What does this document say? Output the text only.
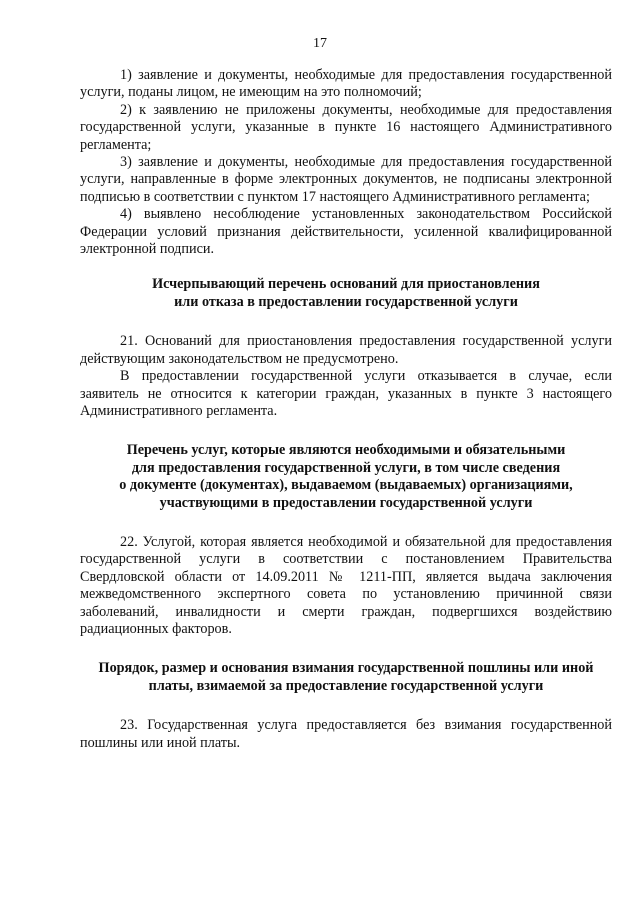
17

1) заявление и документы, необходимые для предоставления государственной услуги, поданы лицом, не имеющим на это полномочий;

2) к заявлению не приложены документы, необходимые для предоставления государственной услуги, указанные в пункте 16 настоящего Административного регламента;

3) заявление и документы, необходимые для предоставления государственной услуги, направленные в форме электронных документов, не подписаны электронной подписью в соответствии с пунктом 17 настоящего Административного регламента;

4) выявлено несоблюдение установленных законодательством Российской Федерации условий признания действительности, усиленной квалифицированной электронной подписи.

Исчерпывающий перечень оснований для приостановления
или отказа в предоставлении государственной услуги

21. Оснований для приостановления предоставления государственной услуги действующим законодательством не предусмотрено.

В предоставлении государственной услуги отказывается в случае, если заявитель не относится к категории граждан, указанных в пункте 3 настоящего Административного регламента.

Перечень услуг, которые являются необходимыми и обязательными
для предоставления государственной услуги, в том числе сведения
о документе (документах), выдаваемом (выдаваемых) организациями,
участвующими в предоставлении государственной услуги

22. Услугой, которая является необходимой и обязательной для предоставления государственной услуги в соответствии с постановлением Правительства Свердловской области от 14.09.2011 № 1211-ПП, является выдача заключения межведомственного экспертного совета по установлению причинной связи заболеваний, инвалидности и смерти граждан, подвергшихся воздействию радиационных факторов.

Порядок, размер и основания взимания государственной пошлины или иной
платы, взимаемой за предоставление государственной услуги

23. Государственная услуга предоставляется без взимания государственной пошлины или иной платы.
